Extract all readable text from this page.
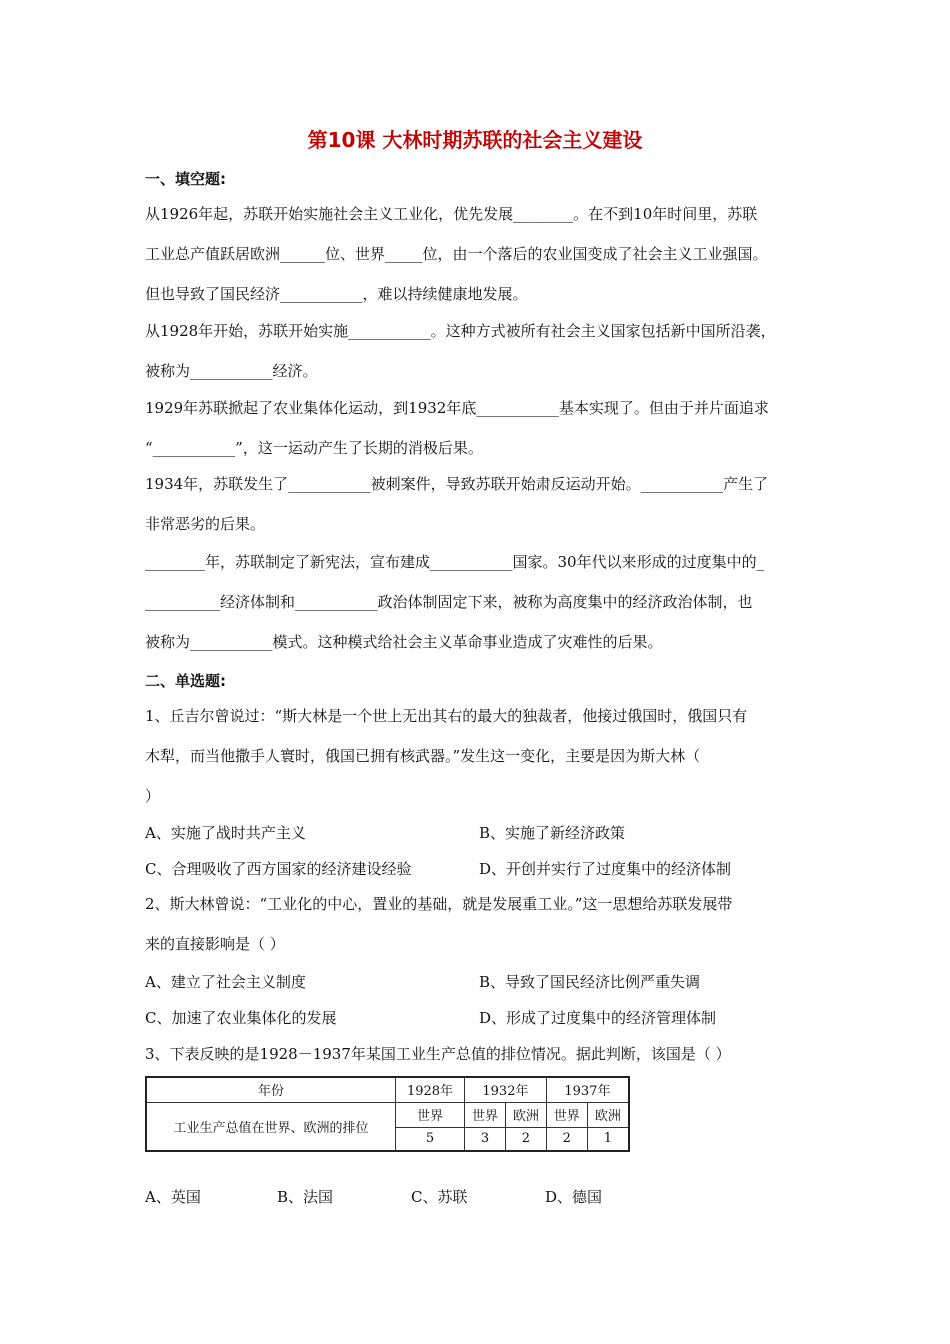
第10课 大林时期苏联的社会主义建设
一、填空题:
从1926年起，苏联开始实施社会主义工业化，优先发展________。在不到10年时间里，苏联
工业总产值跃居欧洲______位、世界_____位，由一个落后的农业国变成了社会主义工业强国。
但也导致了国民经济___________，难以持续健康地发展。
从1928年开始，苏联开始实施___________。这种方式被所有社会主义国家包括新中国所沿袭，
被称为___________经济。
1929年苏联掀起了农业集体化运动，到1932年底___________基本实现了。但由于并片面追求
“___________”，这一运动产生了长期的消极后果。
1934年，苏联发生了___________被刺案件，导致苏联开始肃反运动开始。___________产生了
非常恶劣的后果。
________年，苏联制定了新宪法，宣布建成___________国家。30年代以来形成的过度集中的_
__________经济体制和___________政治体制固定下来，被称为高度集中的经济政治体制，也
被称为___________模式。这种模式给社会主义革命事业造成了灾难性的后果。
二、单选题:
1、丘吉尔曾说过：“斯大林是一个世上无出其右的最大的独裁者，他接过俄国时，俄国只有
木犁，而当他撒手人寰时，俄国已拥有核武器。”发生这一变化，主要是因为斯大林（
）
A、实施了战时共产主义	B、实施了新经济政策
C、合理吸收了西方国家的经济建设经验	D、开创并实行了过度集中的经济体制
2、斯大林曾说：“工业化的中心，置业的基础，就是发展重工业。”这一思想给苏联发展带
来的直接影响是（ ）
A、建立了社会主义制度	B、导致了国民经济比例严重失调
C、加速了农业集体化的发展	D、形成了过度集中的经济管理体制
3、下表反映的是1928－1937年某国工业生产总值的排位情况。据此判断，该国是（ ）
年份	1928年	1932年		1937年	
工业生产总值在世界、欧洲的排位	世界	世界	欧洲	世界	欧洲
	5	3	2	2	1
A、英国	B、法国	C、苏联	D、德国
